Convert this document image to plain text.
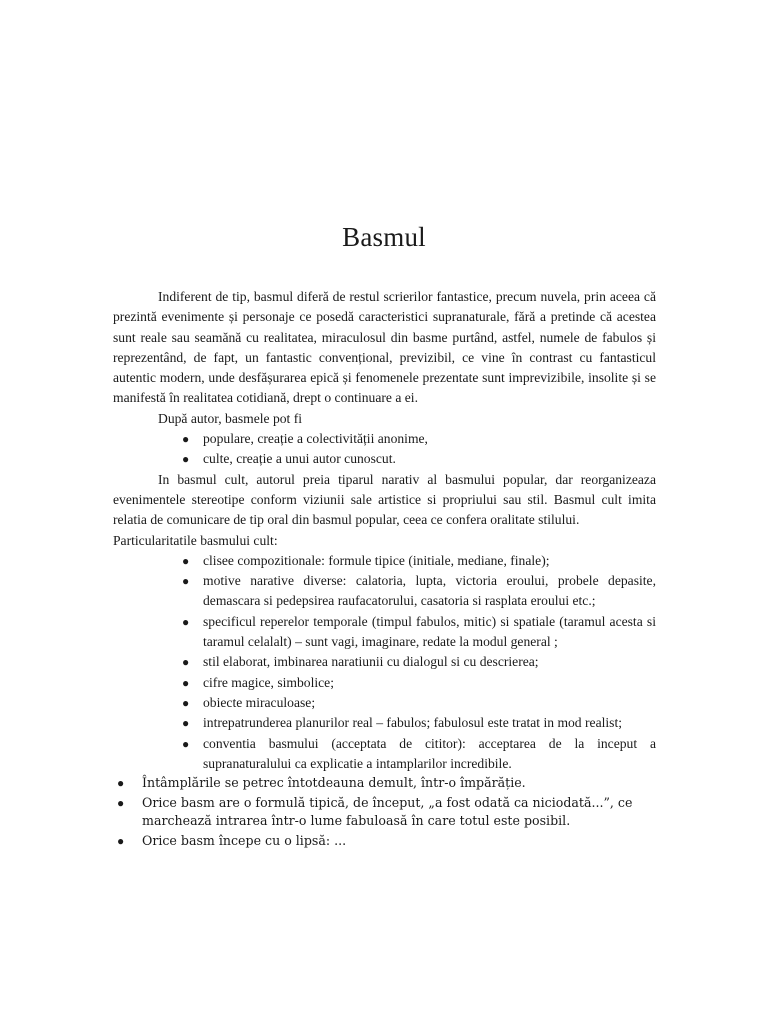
Basmul

Indiferent de tip, basmul diferă de restul scrierilor fantastice, precum nuvela, prin aceea că prezintă evenimente și personaje ce posedă caracteristici supranaturale, fără a pretinde că acestea sunt reale sau seamănă cu realitatea, miraculosul din basme purtând, astfel, numele de fabulos și reprezentând, de fapt, un fantastic convențional, previzibil, ce vine în contrast cu fantasticul autentic modern, unde desfășurarea epică și fenomenele prezentate sunt imprevizibile, insolite și se manifestă în realitatea cotidiană, drept o continuare a ei.

După autor, basmele pot fi

● populare, creație a colectivității anonime,
● culte, creație a unui autor cunoscut.

In basmul cult, autorul preia tiparul narativ al basmului popular, dar reorganizeaza evenimentele stereotipe conform viziunii sale artistice si propriului sau stil. Basmul cult imita relatia de comunicare de tip oral din basmul popular, ceea ce confera oralitate stilului.

Particularitatile basmului cult:

● clisee compozitionale: formule tipice (initiale, mediane, finale);
● motive narative diverse: calatoria, lupta, victoria eroului, probele depasite, demascara si pedepsirea raufacatorului, casatoria si rasplata eroului etc.;
● specificul reperelor temporale (timpul fabulos, mitic) si spatiale (taramul acesta si taramul celalalt) – sunt vagi, imaginare, redate la modul general ;
● stil elaborat, imbinarea naratiunii cu dialogul si cu descrierea;
● cifre magice, simbolice;
● obiecte miraculoase;
● intrepatrunderea planurilor real – fabulos; fabulosul este tratat in mod realist;
● conventia basmului (acceptata de cititor): acceptarea de la inceput a supranaturalului ca explicatie a intamplarilor incredibile.
● Întâmplările se petrec întotdeauna demult, într-o împărăție.
● Orice basm are o formulă tipică, de început, „a fost odată ca niciodată...”, ce marchează intrarea într-o lume fabuloasă în care totul este posibil.
● Orice basm începe cu o lipsă: ...
